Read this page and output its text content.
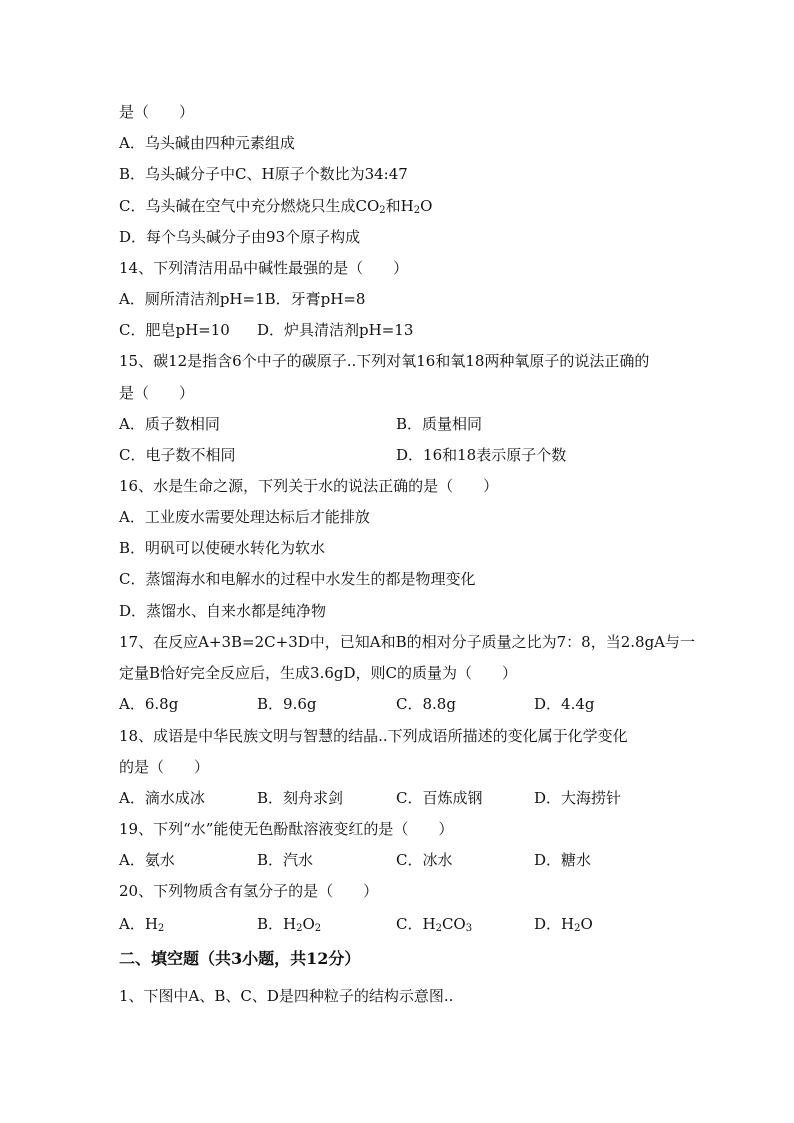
是（　　）
A．乌头碱由四种元素组成
B．乌头碱分子中C、H原子个数比为34:47
C．乌头碱在空气中充分燃烧只生成$CO_2$和$H_2O$
D．每个乌头碱分子由93个原子构成
14、下列清洁用品中碱性最强的是（　　）
A．厕所清洁剂pH=1B．牙膏pH=8
C．肥皂pH=10 D．炉具清洁剂pH=13
15、碳12是指含6个中子的碳原子..下列对氧16和氧18两种氧原子的说法正确的
是（　　）
A．质子数相同	B．质量相同
C．电子数不相同	D．16和18表示原子个数
16、水是生命之源，下列关于水的说法正确的是（　　）
A．工业废水需要处理达标后才能排放
B．明矾可以使硬水转化为软水
C．蒸馏海水和电解水的过程中水发生的都是物理变化
D．蒸馏水、自来水都是纯净物
17、在反应A+3B=2C+3D中，已知A和B的相对分子质量之比为7：8，当2.8gA与一
定量B恰好完全反应后，生成3.6gD，则C的质量为（　　）
A．6.8g	B．9.6g	C．8.8g	D．4.4g
18、成语是中华民族文明与智慧的结晶..下列成语所描述的变化属于化学变化
的是（　　）
A．滴水成冰	B．刻舟求剑	C．百炼成钢	D．大海捞针
19、下列“水”能使无色酚酞溶液变红的是（　　）
A．氨水	B．汽水	C．冰水	D．糖水
20、下列物质含有氢分子的是（　　）
A．$H_2$	B．$H_2O_2$	C．$H_2CO_3$	D．$H_2O$
二、填空题（共3小题，共12分）
1、下图中A、B、C、D是四种粒子的结构示意图..
